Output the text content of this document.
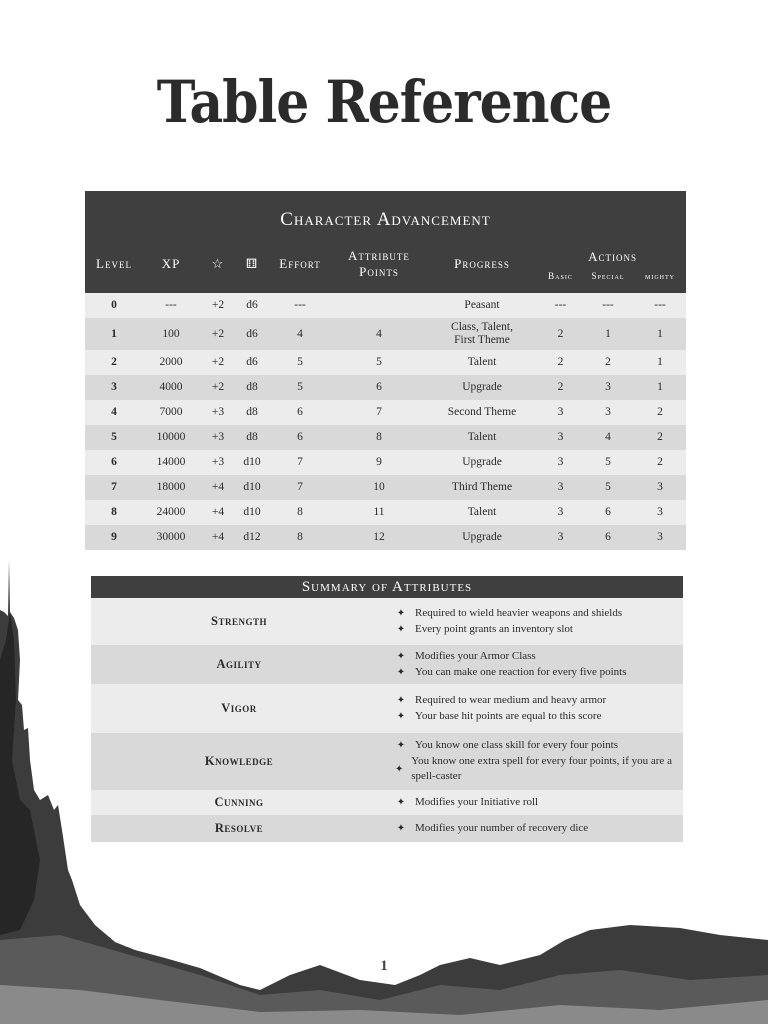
Table Reference
Character Advancement									
Level	XP	☆	⚅	Effort	Attribute Points	Progress	Actions		
							Basic	Special	mighty
0	---	+2	d6	---		Peasant	---	---	---
1	100	+2	d6	4	4	Class, Talent, First Theme	2	1	1
2	2000	+2	d6	5	5	Talent	2	2	1
3	4000	+2	d8	5	6	Upgrade	2	3	1
4	7000	+3	d8	6	7	Second Theme	3	3	2
5	10000	+3	d8	6	8	Talent	3	4	2
6	14000	+3	d10	7	9	Upgrade	3	5	2
7	18000	+4	d10	7	10	Third Theme	3	5	3
8	24000	+4	d10	8	11	Talent	3	6	3
9	30000	+4	d12	8	12	Upgrade	3	6	3
Summary of Attributes	
Strength	✦ Required to wield heavier weapons and shields
✦ Every point grants an inventory slot

Agility	✦ Modifies your Armor Class
✦ You can make one reaction for every five points

Vigor	✦ Required to wear medium and heavy armor
✦ Your base hit points are equal to this score

Knowledge	✦ You know one class skill for every four points
✦
You know one extra spell for every four points, if you are a spell-caster

Cunning	✦ Modifies your Initiative roll

Resolve	✦ Modifies your number of recovery dice
1
